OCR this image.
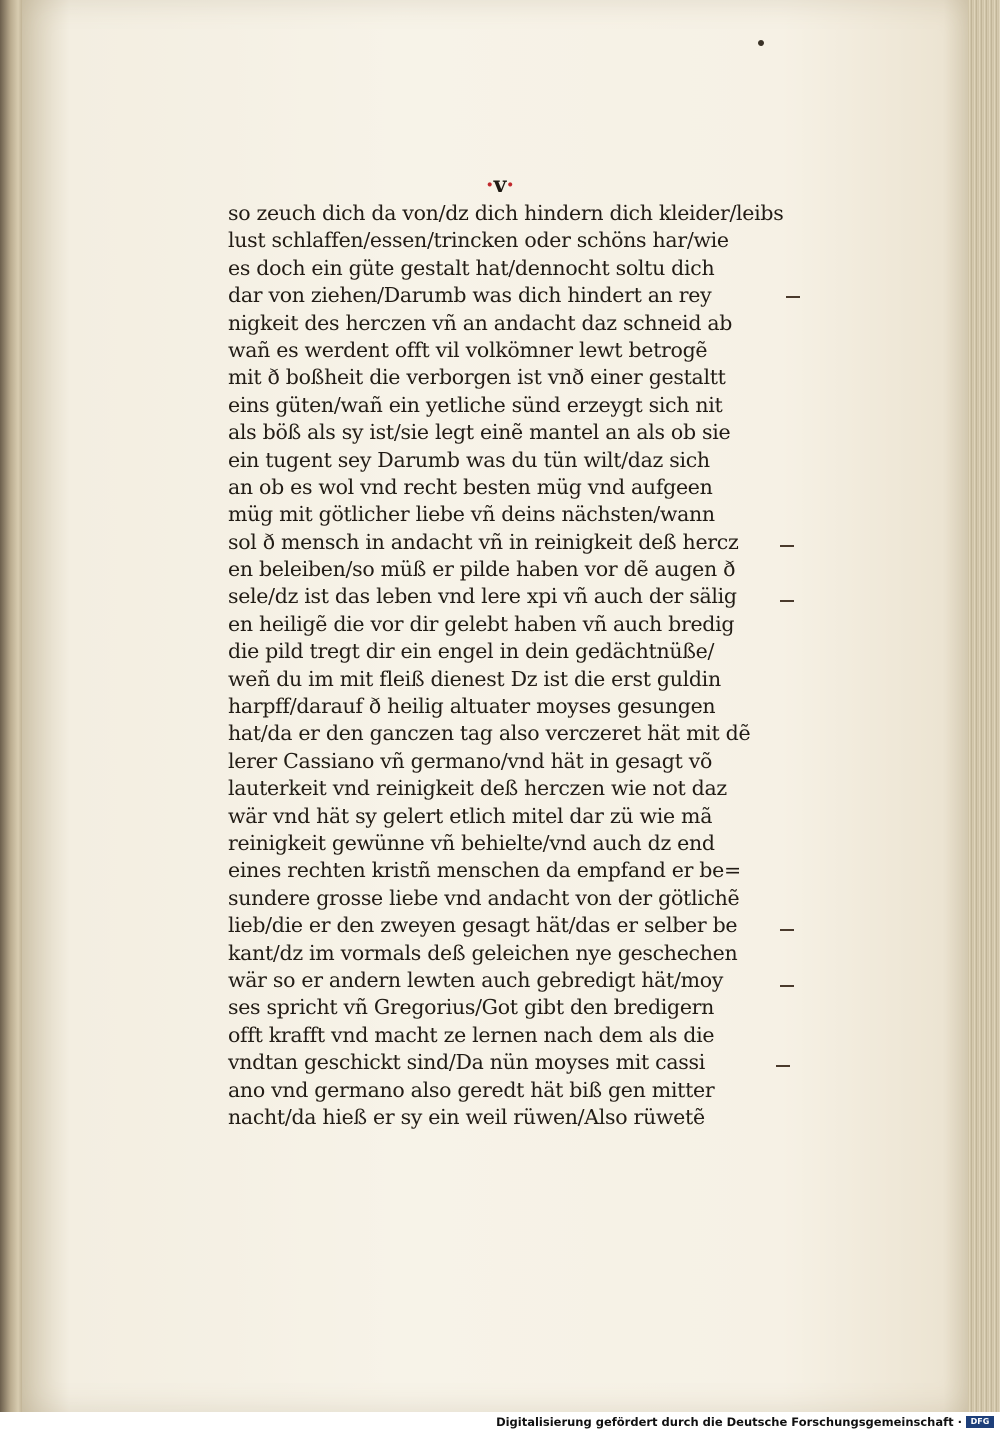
·v·
so zeuch dich da von/dz dich hindern dich kleider/leibs
lust schlaffen/essen/trincken oder schöns har/wie
es doch ein güte gestalt hat/dennocht soltu dich
dar von ziehen/Darumb was dich hindert an rey
nigkeit des herczen vñ an andacht daz schneid ab
wañ es werdent offt vil volkömner lewt betrogẽ
mit ð boßheit die verborgen ist vnð einer gestaltt
eins güten/wañ ein yetliche sünd erzeygt sich nit
als böß als sy ist/sie legt einẽ mantel an als ob sie
ein tugent sey Darumb was du tün wilt/daz sich
an ob es wol vnd recht besten müg vnd aufgeen
müg mit götlicher liebe vñ deins nächsten/wann
sol ð mensch in andacht vñ in reinigkeit deß hercz
en beleiben/so müß er pilde haben vor dẽ augen ð
sele/dz ist das leben vnd lere xpi vñ auch der sälig
en heiligẽ die vor dir gelebt haben vñ auch bredig
die pild tregt dir ein engel in dein gedächtnüße/
weñ du im mit fleiß dienest Dz ist die erst guldin
harpff/darauf ð heilig altuater moyses gesungen
hat/da er den ganczen tag also verczeret hät mit dẽ
lerer Cassiano vñ germano/vnd hät in gesagt võ
lauterkeit vnd reinigkeit deß herczen wie not daz
wär vnd hät sy gelert etlich mitel dar zü wie mã
reinigkeit gewünne vñ behielte/vnd auch dz end
eines rechten kristñ menschen da empfand er be=
sundere grosse liebe vnd andacht von der götlichẽ
lieb/die er den zweyen gesagt hät/das er selber be
kant/dz im vormals deß geleichen nye geschechen
wär so er andern lewten auch gebredigt hät/moy
ses spricht vñ Gregorius/Got gibt den bredigern
offt krafft vnd macht ze lernen nach dem als die
vndtan geschickt sind/Da nün moyses mit cassi
ano vnd germano also geredt hät biß gen mitter
nacht/da hieß er sy ein weil rüwen/Also rüwetẽ
Digitalisierung gefördert durch die Deutsche Forschungsgemeinschaft ·	DFG
